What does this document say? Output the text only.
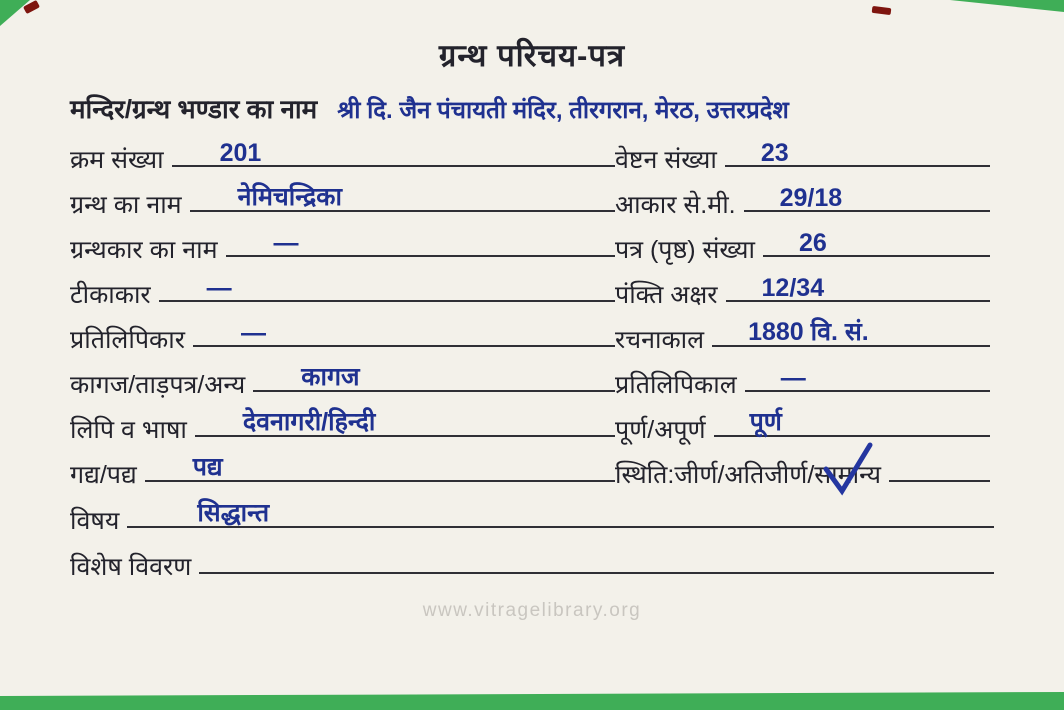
ग्रन्थ परिचय-पत्र
मन्दिर/ग्रन्थ भण्डार का नाम श्री दि. जैन पंचायती मंदिर, तीरगरान, मेरठ, उत्तरप्रदेश
क्रम संख्या 201	वेष्टन संख्या 23
ग्रन्थ का नाम नेमिचन्द्रिका	आकार से.मी. 29/18
ग्रन्थकार का नाम —	पत्र (पृष्ठ) संख्या 26
टीकाकार —	पंक्ति अक्षर 12/34
प्रतिलिपिकार —	रचनाकाल 1880 वि. सं.
कागज/ताड़पत्र/अन्य कागज	प्रतिलिपिकाल —
लिपि व भाषा देवनागरी/हिन्दी	पूर्ण/अपूर्ण पूर्ण
गद्य/पद्य पद्य	स्थिति:जीर्ण/अतिजीर्ण/सामान्य
विषय	सिद्धान्त
विशेष विवरण
www.vitragelibrary.org
